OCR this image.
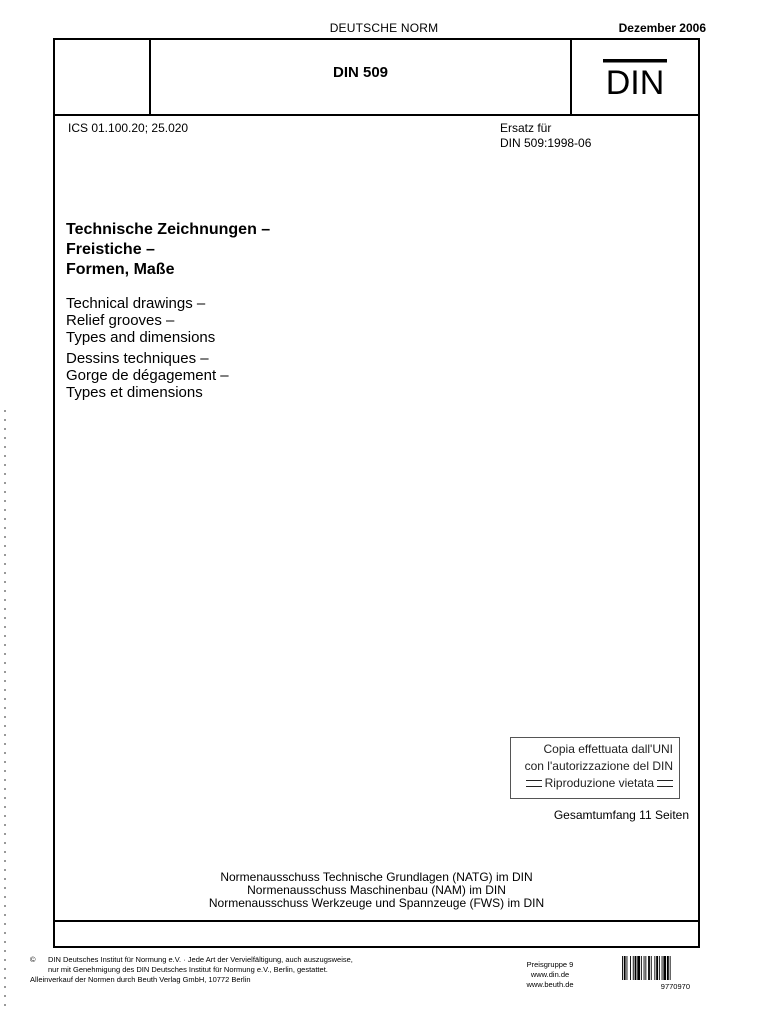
DEUTSCHE NORM	Dezember 2006
DIN 509	DIN
ICS 01.100.20; 25.020	Ersatz für
DIN 509:1998-06
Technische Zeichnungen –
Freistiche –
Formen, Maße
Technical drawings –
Relief grooves –
Types and dimensions
Dessins techniques –
Gorge de dégagement –
Types et dimensions
Copia effettuata dall'UNI
con l'autorizzazione del DIN
Riproduzione vietata
Gesamtumfang 11 Seiten
Normenausschuss Technische Grundlagen (NATG) im DIN
Normenausschuss Maschinenbau (NAM) im DIN
Normenausschuss Werkzeuge und Spannzeuge (FWS) im DIN
© DIN Deutsches Institut für Normung e.V. · Jede Art der Vervielfältigung, auch auszugsweise,
nur mit Genehmigung des DIN Deutsches Institut für Normung e.V., Berlin, gestattet.
Alleinverkauf der Normen durch Beuth Verlag GmbH, 10772 Berlin
Preisgruppe 9
www.din.de
www.beuth.de	9770970
